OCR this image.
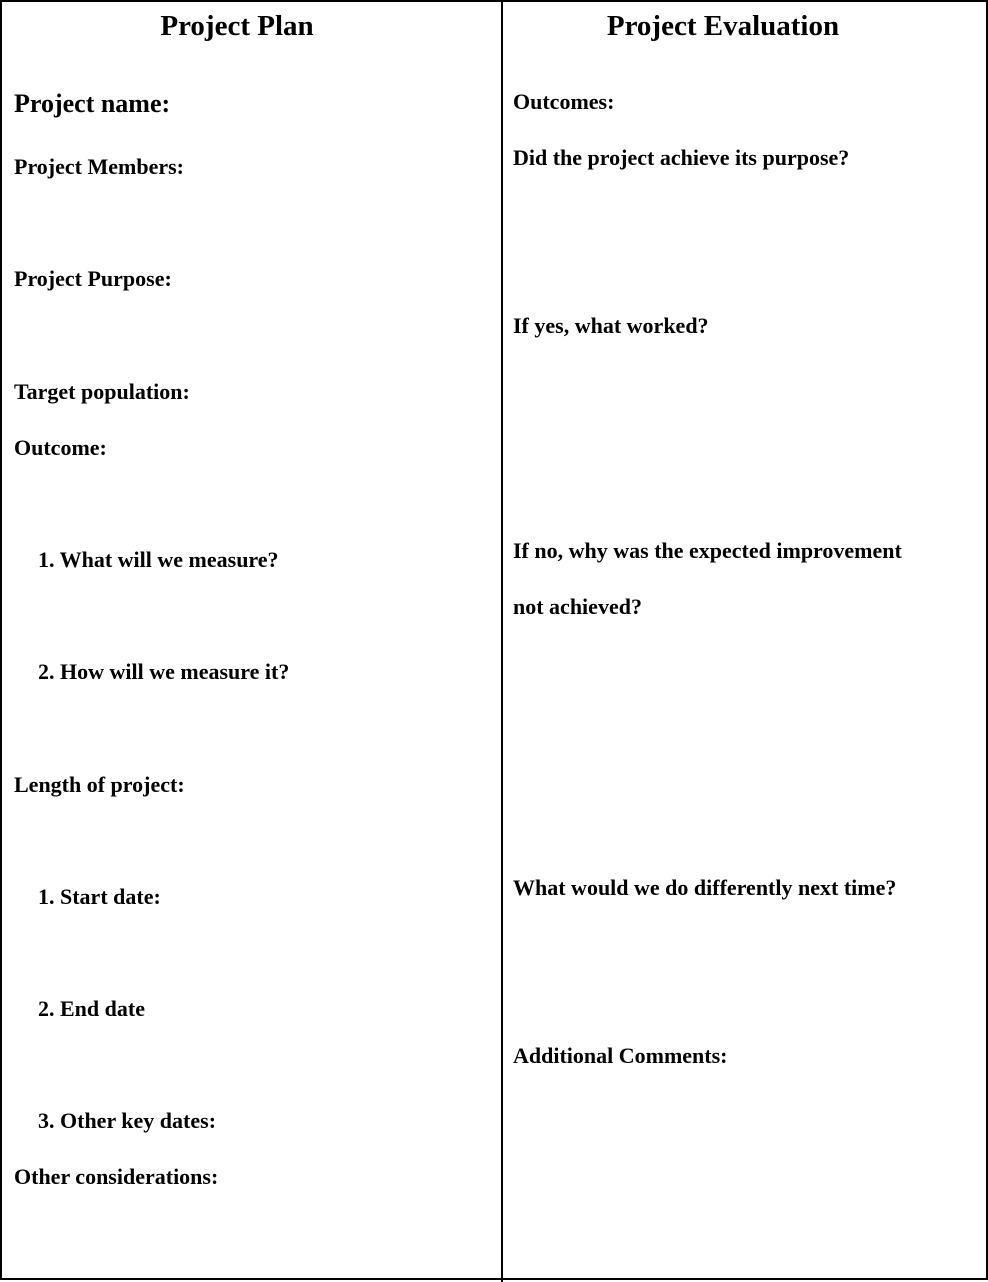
Project Plan
Project name:
Project Members:
Project Purpose:
Target population:
Outcome:
1. What will we measure?
2. How will we measure it?
Length of project:
1. Start date:
2. End date
3. Other key dates:
Other considerations:
Project Evaluation
Outcomes:
Did the project achieve its purpose?
If yes, what worked?
If no, why was the expected improvement
not achieved?
What would we do differently next time?
Additional Comments:
